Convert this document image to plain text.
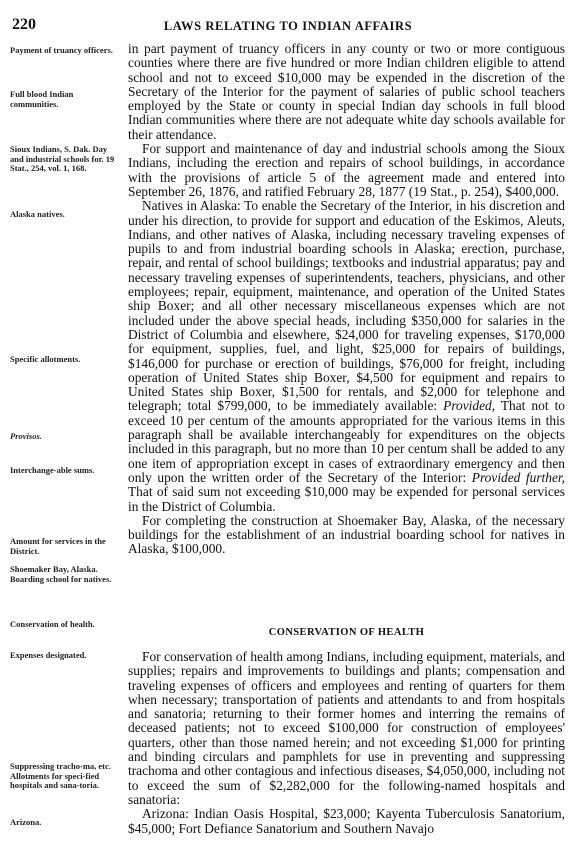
220	LAWS RELATING TO INDIAN AFFAIRS
Payment of truancy officers.
Full blood Indian communities.
Sioux Indians, S. Dak. Day and industrial schools for. 19 Stat., 254, vol. 1, 168.
Alaska natives.
Specific allotments.
Provisos.
Interchange-able sums.
Amount for services in the District.
Shoemaker Bay, Alaska. Boarding school for natives.
Conservation of health.
Expenses designated.
Suppressing tracho-ma, etc. Allotments for speci-fied hospitals and sana-toria.
Arizona.

in part payment of truancy officers in any county or two or more contiguous counties where there are five hundred or more Indian children eligible to attend school and not to exceed $10,000 may be expended in the discretion of the Secretary of the Interior for the payment of salaries of public school teachers employed by the State or county in special Indian day schools in full blood Indian communities where there are not adequate white day schools available for their attendance.

For support and maintenance of day and industrial schools among the Sioux Indians, including the erection and repairs of school buildings, in accordance with the provisions of article 5 of the agreement made and entered into September 26, 1876, and ratified February 28, 1877 (19 Stat., p. 254), $400,000.

Natives in Alaska: To enable the Secretary of the Interior, in his discretion and under his direction, to provide for support and education of the Eskimos, Aleuts, Indians, and other natives of Alaska, including necessary traveling expenses of pupils to and from industrial boarding schools in Alaska; erection, purchase, repair, and rental of school buildings; textbooks and industrial apparatus; pay and necessary traveling expenses of superintendents, teachers, physicians, and other employees; repair, equipment, maintenance, and operation of the United States ship Boxer; and all other necessary miscellaneous expenses which are not included under the above special heads, including $350,000 for salaries in the District of Columbia and elsewhere, $24,000 for traveling expenses, $170,000 for equipment, supplies, fuel, and light, $25,000 for repairs of buildings, $146,000 for purchase or erection of buildings, $76,000 for freight, including operation of United States ship Boxer, $4,500 for equipment and repairs to United States ship Boxer, $1,500 for rentals, and $2,000 for telephone and telegraph; total $799,000, to be immediately available: Provided, That not to exceed 10 per centum of the amounts appropriated for the various items in this paragraph shall be available interchangeably for expenditures on the objects included in this paragraph, but no more than 10 per centum shall be added to any one item of appropriation except in cases of extraordinary emergency and then only upon the written order of the Secretary of the Interior: Provided further, That of said sum not exceeding $10,000 may be expended for personal services in the District of Columbia.

For completing the construction at Shoemaker Bay, Alaska, of the necessary buildings for the establishment of an industrial boarding school for natives in Alaska, $100,000.

CONSERVATION OF HEALTH

For conservation of health among Indians, including equipment, materials, and supplies; repairs and improvements to buildings and plants; compensation and traveling expenses of officers and employees and renting of quarters for them when necessary; transportation of patients and attendants to and from hospitals and sanatoria; returning to their former homes and interring the remains of deceased patients; not to exceed $100,000 for construction of employees' quarters, other than those named herein; and not exceeding $1,000 for printing and binding circulars and pamphlets for use in preventing and suppressing trachoma and other contagious and infectious diseases, $4,050,000, including not to exceed the sum of $2,282,000 for the following-named hospitals and sanatoria:

Arizona: Indian Oasis Hospital, $23,000; Kayenta Tuberculosis Sanatorium, $45,000; Fort Defiance Sanatorium and Southern Navajo
